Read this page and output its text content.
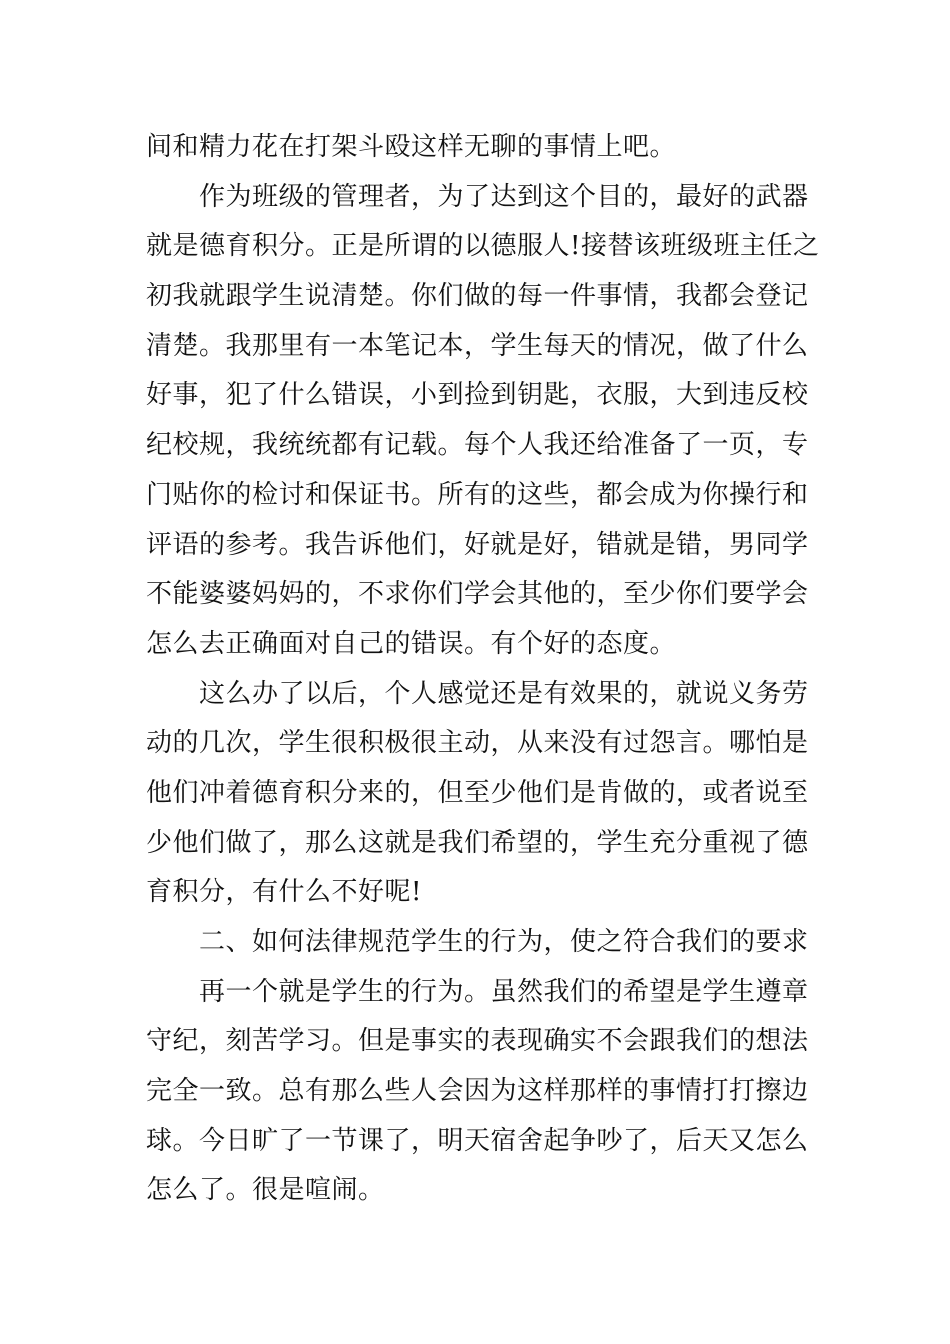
间和精力花在打架斗殴这样无聊的事情上吧。
作为班级的管理者，为了达到这个目的，最好的武器
就是德育积分。正是所谓的以德服人!接替该班级班主任之
初我就跟学生说清楚。你们做的每一件事情，我都会登记
清楚。我那里有一本笔记本，学生每天的情况，做了什么
好事，犯了什么错误，小到捡到钥匙，衣服，大到违反校
纪校规，我统统都有记载。每个人我还给准备了一页，专
门贴你的检讨和保证书。所有的这些，都会成为你操行和
评语的参考。我告诉他们，好就是好，错就是错，男同学
不能婆婆妈妈的，不求你们学会其他的，至少你们要学会
怎么去正确面对自己的错误。有个好的态度。
这么办了以后，个人感觉还是有效果的，就说义务劳
动的几次，学生很积极很主动，从来没有过怨言。哪怕是
他们冲着德育积分来的，但至少他们是肯做的，或者说至
少他们做了，那么这就是我们希望的，学生充分重视了德
育积分，有什么不好呢!
二、如何法律规范学生的行为，使之符合我们的要求
再一个就是学生的行为。虽然我们的希望是学生遵章
守纪，刻苦学习。但是事实的表现确实不会跟我们的想法
完全一致。总有那么些人会因为这样那样的事情打打擦边
球。今日旷了一节课了，明天宿舍起争吵了，后天又怎么
怎么了。很是喧闹。
